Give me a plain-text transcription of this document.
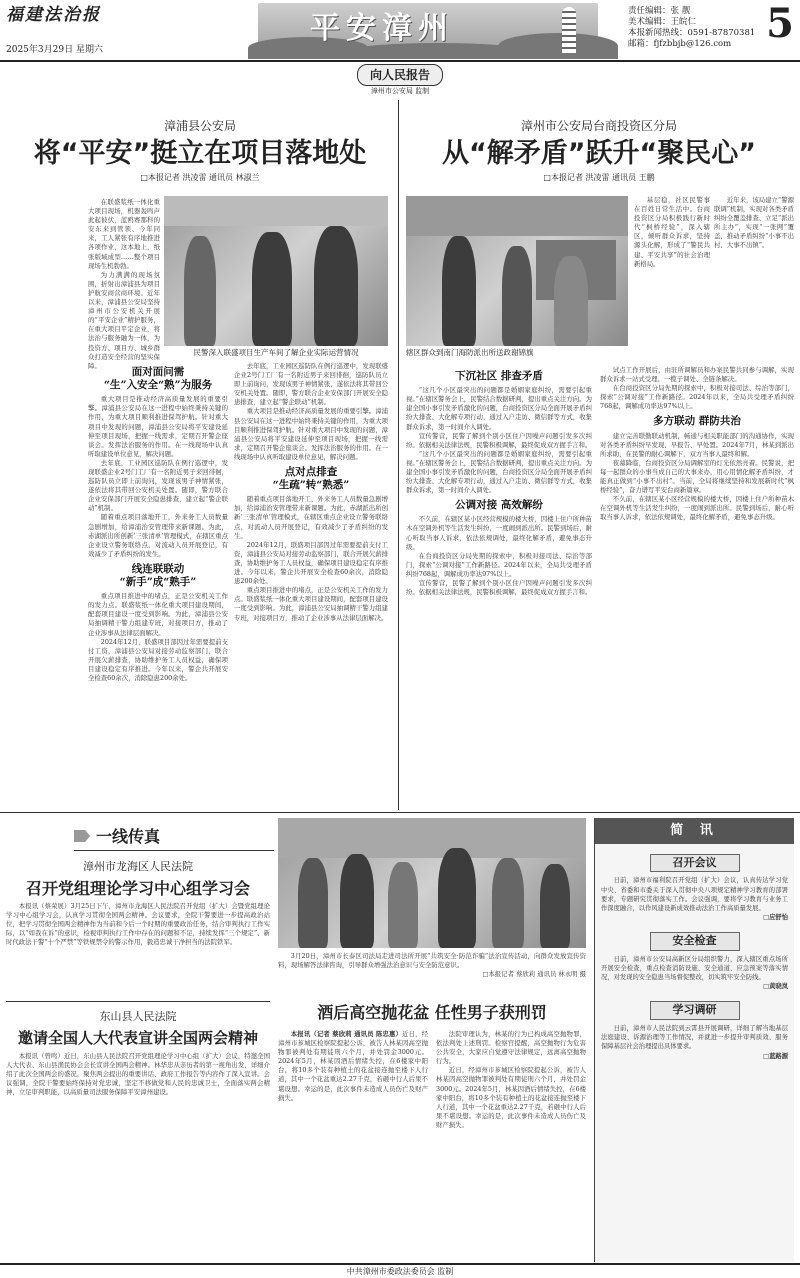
福建法治报
2025年3月29日 星期六
平安漳州	责任编辑：张 靓
美术编辑：王皖仁
本报新闻热线：0591-87870381
邮箱：fjfzbbjb@126.com 5
向人民报告
漳州市公安局 监制
漳浦县公安局
将“平安”挺立在项目落地处
□本报记者 洪凌雷 通讯员 林淑兰

在联盛浆纸一体化重大项目现场，机器轰鸣声此起彼伏，蓝鸥赛那科的安东来到管领、今年同来，工人紧张有序地推进各项作业，这本地上，纸张版域成型……整个项目现场生机勃勃。

为力满满的现场氛围，折射出漳浦县为项目护航安商营商环境。近年以来，漳浦县公安局坚持漳州市公安机关开展的“平安企业”精护服务，在重大项目平定企业，将法治与服务融为一体，为投资方、项目方、城乡群众打造安全经营的坚实保障。

民警深入联盛项目生产车间了解企业实际运营情况
面对面问需
“生”入安全“熟”为服务

重大项目是推动经济高质量发展的重要引擎。漳浦县公安局在这一进程中始终秉持关键的作用，为重大项目顺利推进保驾护航。针对重大项目中发现的问题，漳浦县公安局将平安建设延伸至项目现场，把握一线需求，定期召开警企座谈会。发挥法治服务的作用。在一线现场中认真听取建设单位意见，解决问题。

去年底，工业园区巡防队在例行巡逻中，发现联盛企业2号门工厂有一名附近男子来回徘徊，巡防队员立即上前询问，发现该男子神情紧张，遂依法将其带回公安机关处置。随即，警方联合企业安保部门开展安全隐患排查，建立起“警企联动”机制。

随着重点项目落地开工，外来务工人员数量急剧增加，给漳浦治安管理带来新课题。为此，赤湖派出所创新‘三张清单’管理模式，在辖区重点企业设立警务联络点，对流动人员开展登记，有效减少了矛盾纠纷的发生。

线连联联动
“新手”成“熟手”

重点项目推进中的堵点，正是公安机关工作的发力点。联盛浆纸一体化重大项目建设期间，配套项目建设一度受到影响。为此，漳浦县公安局抽调精干警力组建专班，对接项目方，推动了企业涉事从法律层面解决。

2024年12月，联盛项目部因过年需要提前支付工资，漳浦县公安局对接劳动监察部门，联合开展欠薪排查，协助维护务工人员权益，确保项目建设稳定有序推进。今年以来，警企共开展安全检查60余次，消除隐患200余处。

去年底，工业园区巡防队在例行巡逻中，发现联盛企业2号门工厂有一名附近男子来回徘徊，巡防队员立即上前询问，发现该男子神情紧张，遂依法将其带回公安机关处置。随即，警方联合企业安保部门开展安全隐患排查，建立起“警企联动”机制。

重大项目是推动经济高质量发展的重要引擎。漳浦县公安局在这一进程中始终秉持关键的作用，为重大项目顺利推进保驾护航。针对重大项目中发现的问题，漳浦县公安局将平安建设延伸至项目现场，把握一线需求，定期召开警企座谈会。发挥法治服务的作用。在一线现场中认真听取建设单位意见，解决问题。

点对点排查
“生疏”转“熟悉”

随着重点项目落地开工，外来务工人员数量急剧增加，给漳浦治安管理带来新课题。为此，赤湖派出所创新‘三张清单’管理模式，在辖区重点企业设立警务联络点，对流动人员开展登记，有效减少了矛盾纠纷的发生。

2024年12月，联盛项目部因过年需要提前支付工资，漳浦县公安局对接劳动监察部门，联合开展欠薪排查，协助维护务工人员权益，确保项目建设稳定有序推进。今年以来，警企共开展安全检查60余次，消除隐患200余处。

重点项目推进中的堵点，正是公安机关工作的发力点。联盛浆纸一体化重大项目建设期间，配套项目建设一度受到影响。为此，漳浦县公安局抽调精干警力组建专班，对接项目方，推动了企业涉事从法律层面解决。

漳州市公安局台商投资区分局
从“解矛盾”跃升“聚民心”
□本报记者 洪凌雷 通讯员 王鹏
辖区群众到南门海防派出所送政谢锦旗

基层稳，社区民警事在百姓日常生活中。台商投资区分局积极践行新时代“枫桥经验”，深入辖区，倾听群众诉求，坚持源头化解，形成了“警民共建、平安共享”的社会治理新格局。

近年来，该局建立“警源联调”机制，实现对各类矛盾纠纷全覆盖排查、立足“派出所主办”，实现“一张网”覆盖，推动矛盾纠纷“小事不出村、大事不出镇”。

下沉社区 排查矛盾

“这几个小区最突出的问题都是婚姻家庭纠纷，需要引起重视。”在辖区警务会上，民警结合数据研判，提出重点关注方向。为建全国小事引发矛盾激化的问题，台商投资区分局全面开展矛盾纠纷大排查、大化解专项行动，通过入户走访、微信群等方式，收集群众诉求，第一时间介入调处。

宣传警营，民警了解到个别小区住户因噪声问题引发多次纠纷。依据相关法律法规，民警积极调解，最终促成双方握手言和。

“这几个小区最突出的问题都是婚姻家庭纠纷，需要引起重视。”在辖区警务会上，民警结合数据研判，提出重点关注方向。为建全国小事引发矛盾激化的问题，台商投资区分局全面开展矛盾纠纷大排查、大化解专项行动，通过入户走访、微信群等方式，收集群众诉求，第一时间介入调处。

公调对接 高效解纷

不久前，在辖区某小区经营规模的楼大桥，因楼上住户所种苗木在空调外机等生活发生纠纷，一度闹到派出所。民警到场后，耐心听取当事人诉求，依法依规调处，最终化解矛盾，避免事态升级。

在台商投资区分局先期的探索中，积极对接司法、综治等部门，探索“公调对接”工作新路径。2024年以来，全局共受理矛盾纠纷768起，调解成功率达97%以上。

宣传警营，民警了解到个别小区住户因噪声问题引发多次纠纷。依据相关法律法规，民警积极调解，最终促成双方握手言和。

试点工作开展后，由驻所调解员和办案民警共同参与调解，实现群众诉求一站式受理、一揽子调处、全链条解决。

在台商投资区分局先期的探索中，积极对接司法、综治等部门，探索“公调对接”工作新路径。2024年以来，全局共受理矛盾纠纷768起，调解成功率达97%以上。

多方联动 群防共治

建立完善联勤联动机制，畅通与相关职能部门的沟通协作，实现对各类矛盾纠纷早发现、早报告、早处置。2024年7月，林某到派出所求助，在民警的耐心调解下，双方当事人最终和解。

夜幕降临，台商投资区分局调解室的灯光依然亮着。民警说，把每一起群众的小事当成自己的大事来办，用心用情化解矛盾纠纷，才能真正做到“小事不出村”。当前，全局将继续坚持和发展新时代“枫桥经验”，奋力谱写平安台商新篇章。

不久前，在辖区某小区经营规模的楼大桥，因楼上住户所种苗木在空调外机等生活发生纠纷，一度闹到派出所。民警到场后，耐心听取当事人诉求，依法依规调处，最终化解矛盾，避免事态升级。

一线传真
漳州市龙海区人民法院
召开党组理论学习中心组学习会

本报讯（蔡荣展）3月25日下午，漳州市龙海区人民法院召开党组（扩大）会暨党组理论学习中心组学习会，认真学习贯彻全国两会精神。会议要求，全院干警要进一步提高政治站位，把学习贯彻全国两会精神作为当前和今后一个时期的重要政治任务，结合审判执行工作实际，以“如我在诉”的意识，检视审判执行工作中存在的问题和不足，持续发挥“三个规定”、新时代政法干警“十个严禁”等铁规禁令的警示作用，毅造忠诚干净担当的法院铁军。

东山县人民法院
邀请全国人大代表宣讲全国两会精神

本报讯（曾鸣）近日，东山县人民法院召开党组理论学习中心组（扩大）会议，特邀全国人大代表、东山县渔民协会会长宣讲全国两会精神。林华忠从亲历者的第一视角出发，详细介绍了此次全国两会的盛况，聚焦两会提出的重要讲话、政府工作报告等内容作了深入宣讲。会议强调，全院干警要始终保持对党忠诚，坚定不移做党和人民的忠诚卫士，全面落实两会精神，立足审判职能，以高质量司法服务保障平安漳州建设。

3月20日，漳州市长泰区司法局走进司法所开展“共筑安全·防范诈骗”法治宣传活动，向群众发放宣传资料，现场解答法律咨询，引导群众增强法治意识与安全防范意识。

□本报记者 蔡欣莉 通讯员 林永明 摄
酒后高空抛花盆 任性男子获刑罚

本报讯（记者 蔡欣莉 通讯员 陈忠惠）近日，经漳州市芗城区检察院提起公诉，被告人林某因高空抛物罪被判处有期徒刑六个月，并处罚金3000元。2024年5月，林某因酒后情绪失控，在6楼家中阳台，将10多个装有种植土的花盆接连抛至楼下人行道，其中一个花盆重达2.27千克，若砸中行人后果不堪设想。幸运的是，此次事件未造成人员伤亡及财产损失。

法院审理认为，林某的行为已构成高空抛物罪，依法判处上述刑罚。检察官提醒，高空抛物行为危害公共安全，大家应自觉遵守法律规定，远离高空抛物行为。

近日，经漳州市芗城区检察院提起公诉，被告人林某因高空抛物罪被判处有期徒刑六个月，并处罚金3000元。2024年5月，林某因酒后情绪失控，在6楼家中阳台，将10多个装有种植土的花盆接连抛至楼下人行道，其中一个花盆重达2.27千克，若砸中行人后果不堪设想。幸运的是，此次事件未造成人员伤亡及财产损失。

简 讯
召开会议

日前，漳州市福利院召开党组（扩大）会议，认真传达学习党中央、省委和市委关于深入贯彻中央八项规定精神学习教育的部署要求，专题研究贯彻落实工作。会议强调，要将学习教育与业务工作深度融合，以作风建设新成效推动法治工作高质量发展。

□应舒怡
安全检查

日前，漳州市公安局高新区分局组织警力，深入辖区重点场所开展安全检查，重点检查消防设施、安全通道、应急预案等落实情况，对发现的安全隐患当场督促整改，切实筑牢安全防线。

□黄晓岚
学习调研

日前，漳州市人民法院到云霄县开展调研，详细了解当地基层法庭建设、诉源治理等工作情况，并就进一步提升审判质效、服务保障基层社会治理提出具体要求。

□蓝路源
中共漳州市委政法委员会 监制
